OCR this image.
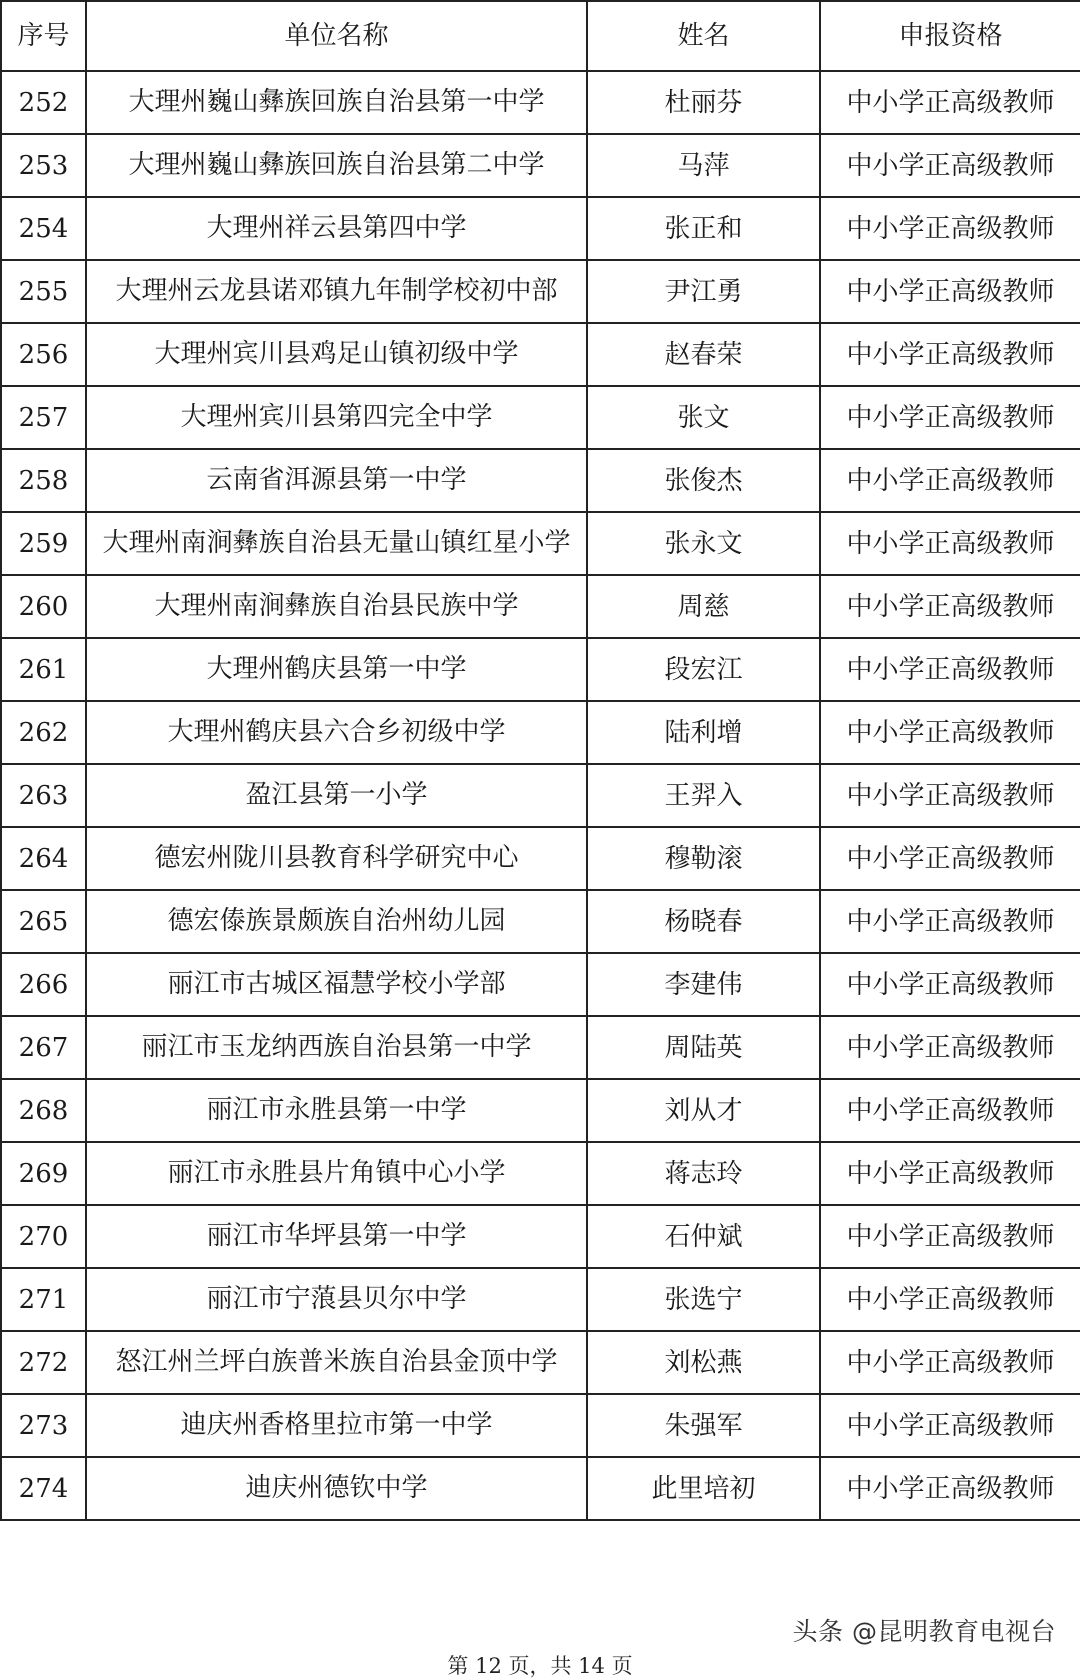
序号	单位名称	姓名	申报资格
252	大理州巍山彝族回族自治县第一中学	杜丽芬	中小学正高级教师
253	大理州巍山彝族回族自治县第二中学	马萍	中小学正高级教师
254	大理州祥云县第四中学	张正和	中小学正高级教师
255	大理州云龙县诺邓镇九年制学校初中部	尹江勇	中小学正高级教师
256	大理州宾川县鸡足山镇初级中学	赵春荣	中小学正高级教师
257	大理州宾川县第四完全中学	张文	中小学正高级教师
258	云南省洱源县第一中学	张俊杰	中小学正高级教师
259	大理州南涧彝族自治县无量山镇红星小学	张永文	中小学正高级教师
260	大理州南涧彝族自治县民族中学	周慈	中小学正高级教师
261	大理州鹤庆县第一中学	段宏江	中小学正高级教师
262	大理州鹤庆县六合乡初级中学	陆利增	中小学正高级教师
263	盈江县第一小学	王羿入	中小学正高级教师
264	德宏州陇川县教育科学研究中心	穆勒滚	中小学正高级教师
265	德宏傣族景颇族自治州幼儿园	杨晓春	中小学正高级教师
266	丽江市古城区福慧学校小学部	李建伟	中小学正高级教师
267	丽江市玉龙纳西族自治县第一中学	周陆英	中小学正高级教师
268	丽江市永胜县第一中学	刘从才	中小学正高级教师
269	丽江市永胜县片角镇中心小学	蒋志玲	中小学正高级教师
270	丽江市华坪县第一中学	石仲斌	中小学正高级教师
271	丽江市宁蒗县贝尔中学	张选宁	中小学正高级教师
272	怒江州兰坪白族普米族自治县金顶中学	刘松燕	中小学正高级教师
273	迪庆州香格里拉市第一中学	朱强军	中小学正高级教师
274	迪庆州德钦中学	此里培初	中小学正高级教师
头条 @昆明教育电视台
第 12 页，共 14 页
